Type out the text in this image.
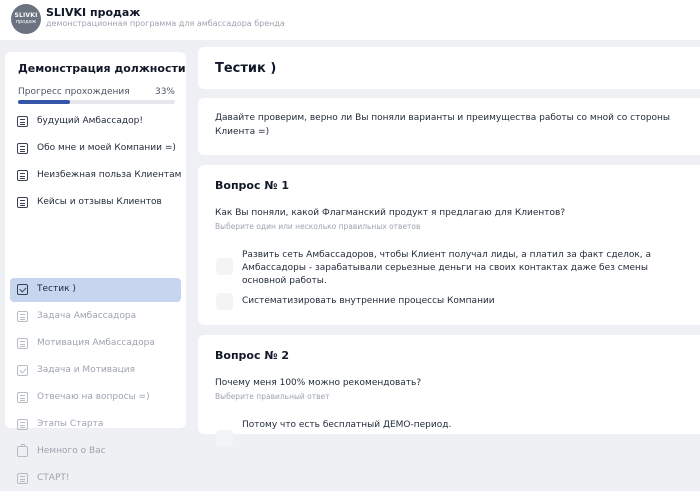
SLIVKI
продаж
SLIVKI продаж
демонстрационная программа для амбассадора бренда
Демонстрация должности
Прогресс прохождения	33%
будущий Амбассадор!
Обо мне и моей Компании =)
Неизбежная польза Клиентам
Кейсы и отзывы Клиентов
Тестик )
Задача Амбассадора
Мотивация Амбассадора
Задача и Мотивация
Отвечаю на вопросы =)
Этапы Старта
Немного о Вас
СТАРТ!
Тестик )
Давайте проверим, верно ли Вы поняли варианты и преимущества работы со мной со стороны Клиента =)
Вопрос № 1
Как Вы поняли, какой Флагманский продукт я предлагаю для Клиентов?
Выберите один или несколько правильных ответов
Развить сеть Амбассадоров, чтобы Клиент получал лиды, а платил за факт сделок, а Амбассадоры - зарабатывали серьезные деньги на своих контактах даже без смены основной работы.
Систематизировать внутренние процессы Компании
Вопрос № 2
Почему меня 100% можно рекомендовать?
Выберите правильный ответ
Потому что есть бесплатный ДЕМО-период.
